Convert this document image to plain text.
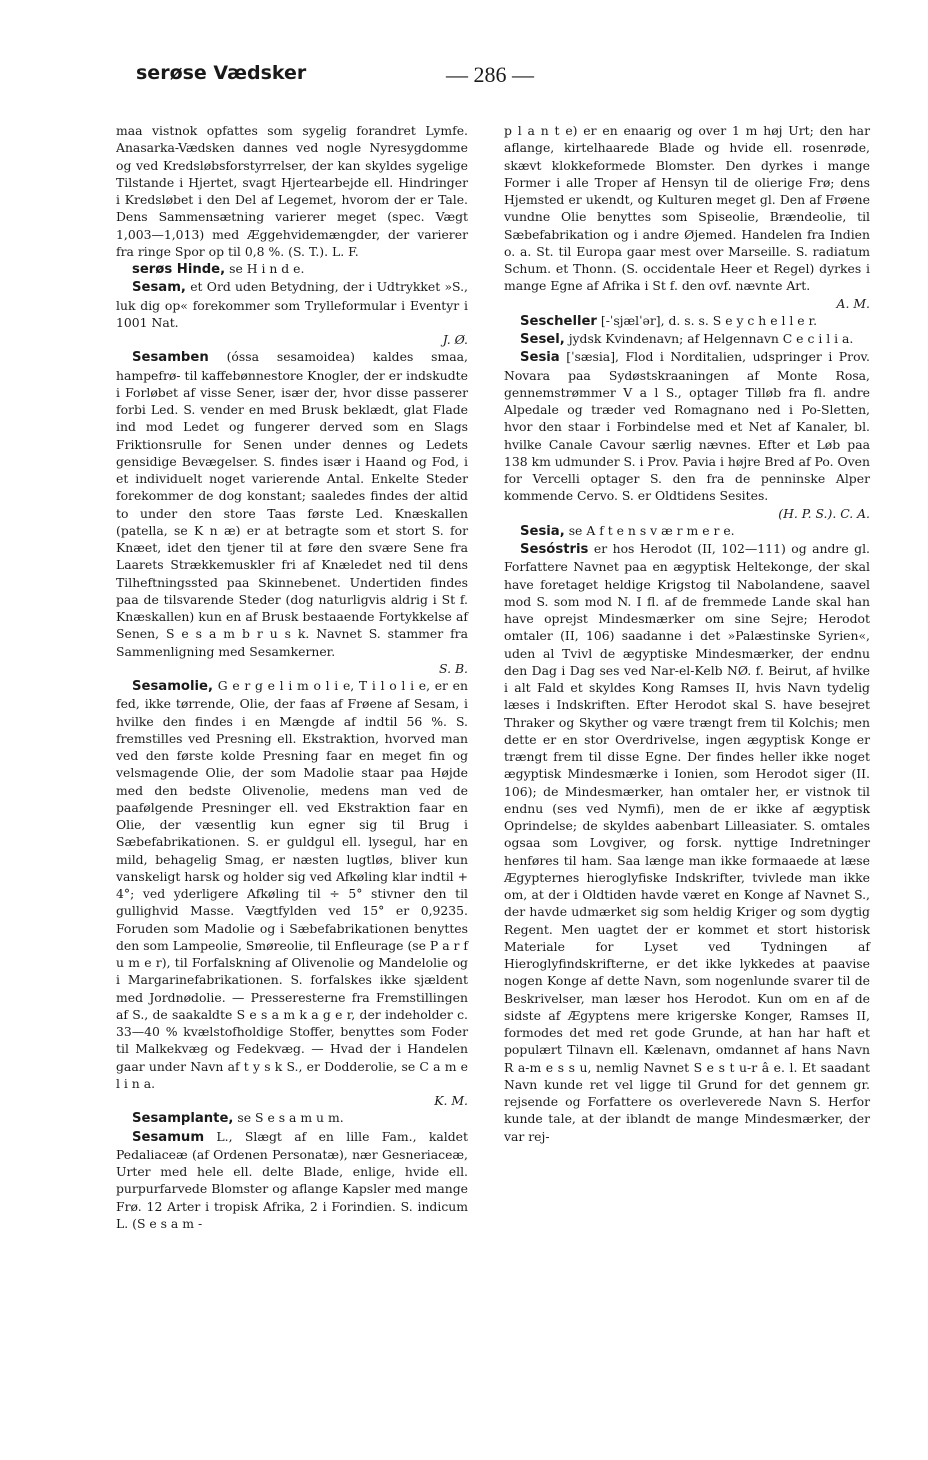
serøse Vædsker	— 286 —

maa vistnok opfattes som sygelig forandret Lymfe. Anasarka-Vædsken dannes ved nogle Nyresygdomme og ved Kredsløbsforstyrrelser, der kan skyldes sygelige Tilstande i Hjertet, svagt Hjertearbejde ell. Hindringer i Kredsløbet i den Del af Legemet, hvorom der er Tale. Dens Sammensætning varierer meget (spec. Vægt 1,003—1,013) med Æggehvidemængder, der varierer fra ringe Spor op til 0,8 %. (S. T.). L. F.

serøs Hinde, se H i n d e.

Sesam, et Ord uden Betydning, der i Udtrykket »S., luk dig op« forekommer som Trylleformular i Eventyr i 1001 Nat.
J. Ø.

Sesamben (óssa sesamoidea) kaldes smaa, hampefrø- til kaffebønnestore Knogler, der er indskudte i Forløbet af visse Sener, især der, hvor disse passerer forbi Led. S. vender en med Brusk beklædt, glat Flade ind mod Ledet og fungerer derved som en Slags Friktionsrulle for Senen under dennes og Ledets gensidige Bevægelser. S. findes især i Haand og Fod, i et individuelt noget varierende Antal. Enkelte Steder forekommer de dog konstant; saaledes findes der altid to under den store Taas første Led. Knæskallen (patella, se K n æ) er at betragte som et stort S. for Knæet, idet den tjener til at føre den svære Sene fra Laarets Strækkemuskler fri af Knæledet ned til dens Tilheftningssted paa Skinnebenet. Undertiden findes paa de tilsvarende Steder (dog naturligvis aldrig i St f. Knæskallen) kun en af Brusk bestaaende Fortykkelse af Senen, S e s a m b r u s k. Navnet S. stammer fra Sammenligning med Sesamkerner.
S. B.

Sesamolie, G e r g e l i m o l i e, T i l o l i e, er en fed, ikke tørrende, Olie, der faas af Frøene af Sesam, i hvilke den findes i en Mængde af indtil 56 %. S. fremstilles ved Presning ell. Ekstraktion, hvorved man ved den første kolde Presning faar en meget fin og velsmagende Olie, der som Madolie staar paa Højde med den bedste Olivenolie, medens man ved de paafølgende Presninger ell. ved Ekstraktion faar en Olie, der væsentlig kun egner sig til Brug i Sæbefabrikationen. S. er guldgul ell. lysegul, har en mild, behagelig Smag, er næsten lugtløs, bliver kun vanskeligt harsk og holder sig ved Afkøling klar indtil + 4°; ved yderligere Afkøling til ÷ 5° stivner den til gullighvid Masse. Vægtfylden ved 15° er 0,9235. Foruden som Madolie og i Sæbefabrikationen benyttes den som Lampeolie, Smøreolie, til Enfleurage (se P a r f u m e r), til Forfalskning af Olivenolie og Mandelolie og i Margarinefabrikationen. S. forfalskes ikke sjældent med Jordnødolie. — Presseresterne fra Fremstillingen af S., de saakaldte S e s a m k a g e r, der indeholder c. 33—40 % kvælstofholdige Stoffer, benyttes som Foder til Malkekvæg og Fedekvæg. — Hvad der i Handelen gaar under Navn af t y s k S., er Dodderolie, se C a m e l i n a.
K. M.

Sesamplante, se S e s a m u m.

Sesamum L., Slægt af en lille Fam., kaldet Pedaliaceæ (af Ordenen Personatæ), nær Gesneriaceæ, Urter med hele ell. delte Blade, enlige, hvide ell. purpurfarvede Blomster og aflange Kapsler med mange Frø. 12 Arter i tropisk Afrika, 2 i Forindien. S. indicum L. (S e s a m -

p l a n t e) er en enaarig og over 1 m høj Urt; den har aflange, kirtelhaarede Blade og hvide ell. rosenrøde, skævt klokkeformede Blomster. Den dyrkes i mange Former i alle Troper af Hensyn til de olierige Frø; dens Hjemsted er ukendt, og Kulturen meget gl. Den af Frøene vundne Olie benyttes som Spiseolie, Brændeolie, til Sæbefabrikation og i andre Øjemed. Handelen fra Indien o. a. St. til Europa gaar mest over Marseille. S. radiatum Schum. et Thonn. (S. occidentale Heer et Regel) dyrkes i mange Egne af Afrika i St f. den ovf. nævnte Art.
A. M.

Sescheller [-ˈsjælˈər], d. s. s. S e y c h e l l e r.

Sesel, jydsk Kvindenavn; af Helgennavn C e c i l i a.

Sesia [ˈsæsia], Flod i Norditalien, udspringer i Prov. Novara paa Sydøstskraaningen af Monte Rosa, gennemstrømmer V a l S., optager Tilløb fra fl. andre Alpedale og træder ved Romagnano ned i Po-Sletten, hvor den staar i Forbindelse med et Net af Kanaler, bl. hvilke Canale Cavour særlig nævnes. Efter et Løb paa 138 km udmunder S. i Prov. Pavia i højre Bred af Po. Oven for Vercelli optager S. den fra de penninske Alper kommende Cervo. S. er Oldtidens Sesites.
(H. P. S.). C. A.

Sesia, se A f t e n s v æ r m e r e.

Sesóstris er hos Herodot (II, 102—111) og andre gl. Forfattere Navnet paa en ægyptisk Heltekonge, der skal have foretaget heldige Krigstog til Nabolandene, saavel mod S. som mod N. I fl. af de fremmede Lande skal han have oprejst Mindesmærker om sine Sejre; Herodot omtaler (II, 106) saadanne i det »Palæstinske Syrien«, uden al Tvivl de ægyptiske Mindesmærker, der endnu den Dag i Dag ses ved Nar-el-Kelb NØ. f. Beirut, af hvilke i alt Fald et skyldes Kong Ramses II, hvis Navn tydelig læses i Indskriften. Efter Herodot skal S. have besejret Thraker og Skyther og være trængt frem til Kolchis; men dette er en stor Overdrivelse, ingen ægyptisk Konge er trængt frem til disse Egne. Der findes heller ikke noget ægyptisk Mindesmærke i Ionien, som Herodot siger (II. 106); de Mindesmærker, han omtaler her, er vistnok til endnu (ses ved Nymfi), men de er ikke af ægyptisk Oprindelse; de skyldes aabenbart Lilleasiater. S. omtales ogsaa som Lovgiver, og forsk. nyttige Indretninger henføres til ham. Saa længe man ikke formaaede at læse Ægypternes hieroglyfiske Indskrifter, tvivlede man ikke om, at der i Oldtiden havde været en Konge af Navnet S., der havde udmærket sig som heldig Kriger og som dygtig Regent. Men uagtet der er kommet et stort historisk Materiale for Lyset ved Tydningen af Hieroglyfindskrifterne, er det ikke lykkedes at paavise nogen Konge af dette Navn, som nogenlunde svarer til de Beskrivelser, man læser hos Herodot. Kun om en af de sidste af Ægyptens mere krigerske Konger, Ramses II, formodes det med ret gode Grunde, at han har haft et populært Tilnavn ell. Kælenavn, omdannet af hans Navn R a-m e s s u, nemlig Navnet S e s t u-r â e. l. Et saadant Navn kunde ret vel ligge til Grund for det gennem gr. rejsende og Forfattere os overleverede Navn S. Herfor kunde tale, at der iblandt de mange Mindesmærker, der var rej-
